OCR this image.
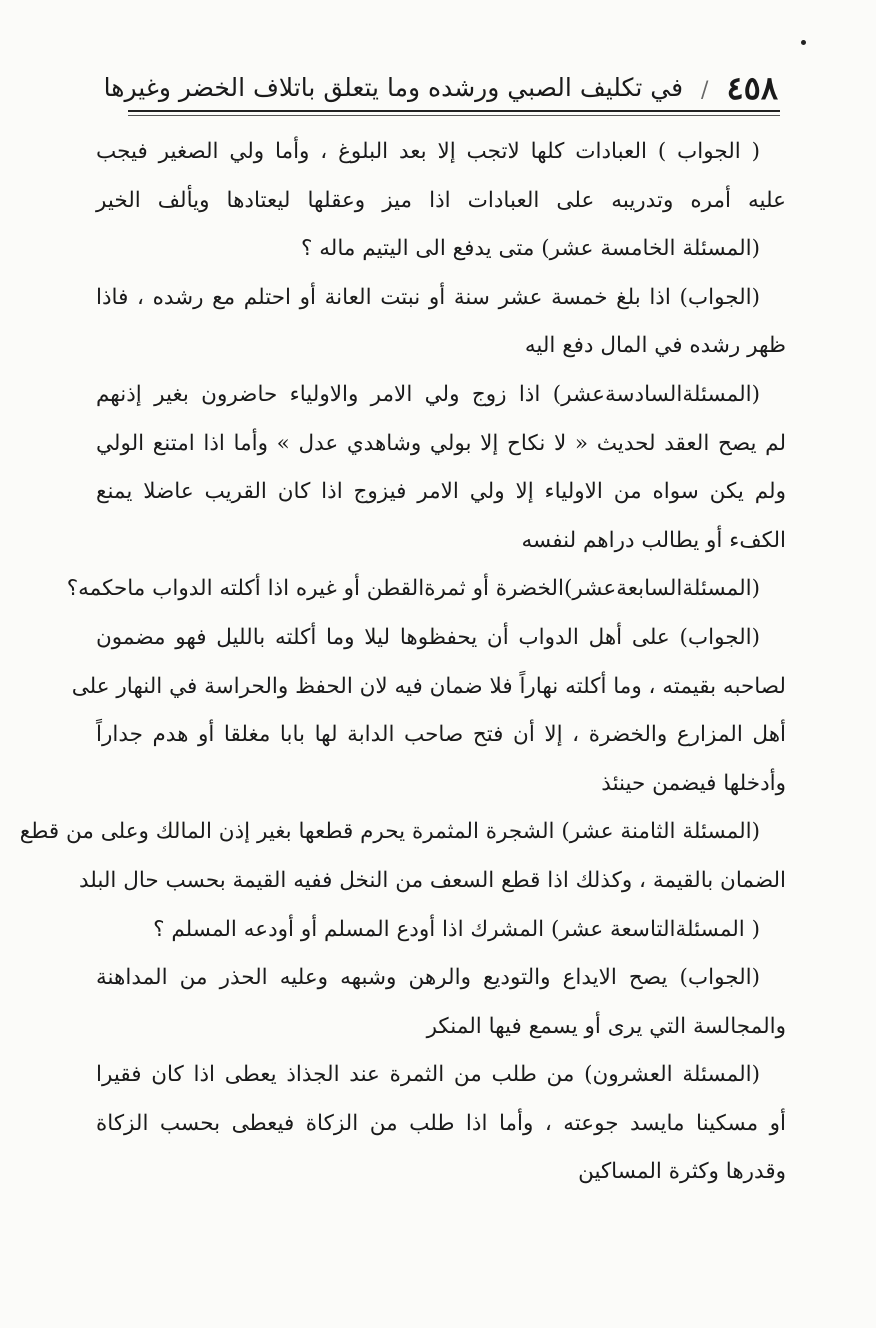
٤٥٨
/
في تكليف الصبي ورشده وما يتعلق باتلاف الخضر وغيرها
( الجواب ) العبادات كلها لاتجب إلا بعد البلوغ ، وأما ولي الصغير فيجب
عليه أمره وتدريبه على العبادات اذا ميز وعقلها ليعتادها ويألف الخير
(المسئلة الخامسة عشر) متى يدفع الى اليتيم ماله ؟
(الجواب) اذا بلغ خمسة عشر سنة أو نبتت العانة أو احتلم مع رشده ، فاذا
ظهر رشده في المال دفع اليه
(المسئلةالسادسةعشر) اذا زوج ولي الامر والاولياء حاضرون بغير إذنهم
لم يصح العقد لحديث « لا نكاح إلا بولي وشاهدي عدل » وأما اذا امتنع الولي
ولم يكن سواه من الاولياء إلا ولي الامر فيزوج اذا كان القريب عاضلا يمنع
الكفء أو يطالب دراهم لنفسه
(المسئلةالسابعةعشر)الخضرة أو ثمرةالقطن أو غيره اذا أكلته الدواب ماحكمه؟
(الجواب) على أهل الدواب أن يحفظوها ليلا وما أكلته بالليل فهو مضمون
لصاحبه بقيمته ، وما أكلته نهاراً فلا ضمان فيه لان الحفظ والحراسة في النهار على
أهل المزارع والخضرة ، إلا أن فتح صاحب الدابة لها بابا مغلقا أو هدم جداراً
وأدخلها فيضمن حينئذ
(المسئلة الثامنة عشر) الشجرة المثمرة يحرم قطعها بغير إذن المالك وعلى من قطع
الضمان بالقيمة ، وكذلك اذا قطع السعف من النخل ففيه القيمة بحسب حال البلد
( المسئلةالتاسعة عشر) المشرك اذا أودع المسلم أو أودعه المسلم ؟
(الجواب) يصح الايداع والتوديع والرهن وشبهه وعليه الحذر من المداهنة
والمجالسة التي يرى أو يسمع فيها المنكر
(المسئلة العشرون) من طلب من الثمرة عند الجذاذ يعطى اذا كان فقيرا
أو مسكينا مايسد جوعته ، وأما اذا طلب من الزكاة فيعطى بحسب الزكاة
وقدرها وكثرة المساكين
